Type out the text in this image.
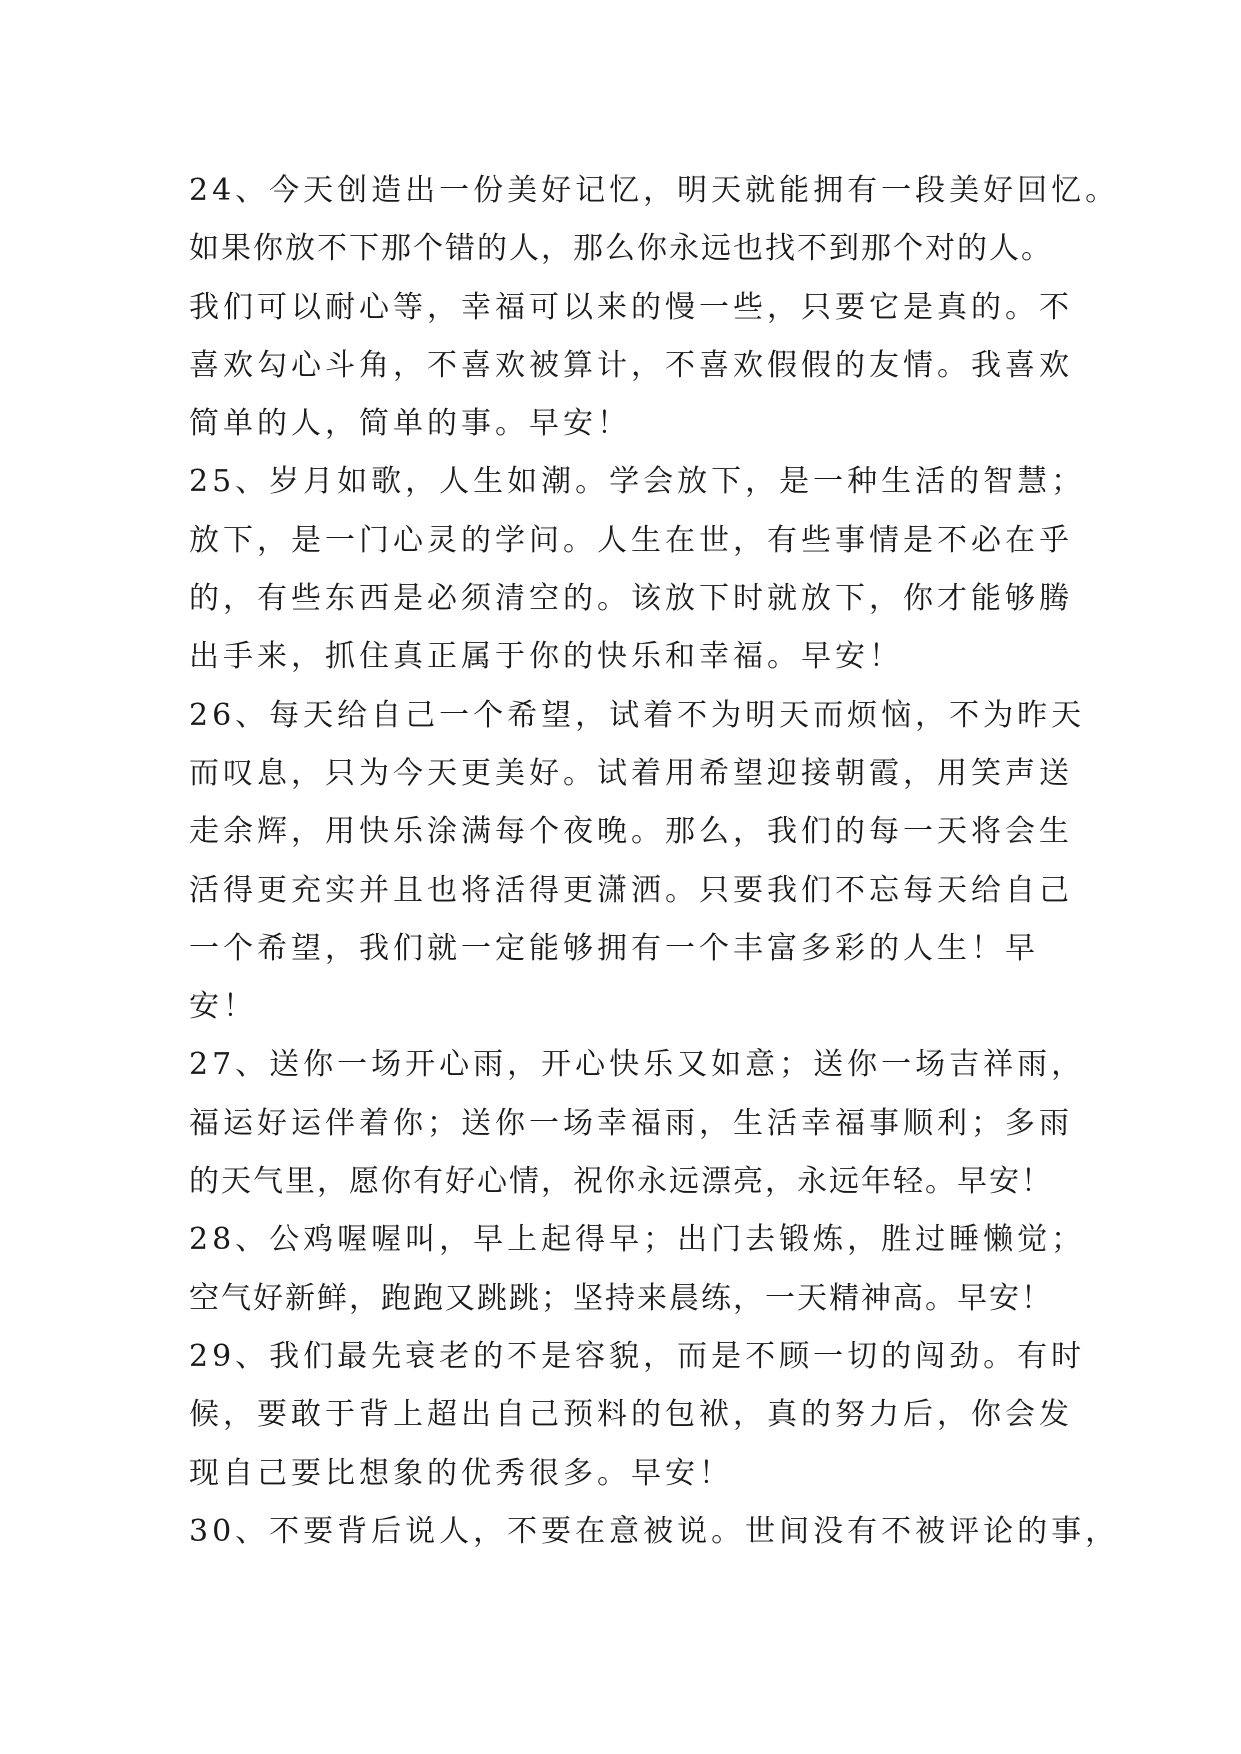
24、今天创造出一份美好记忆，明天就能拥有一段美好回忆。
如果你放不下那个错的人，那么你永远也找不到那个对的人。
我们可以耐心等，幸福可以来的慢一些，只要它是真的。不
喜欢勾心斗角，不喜欢被算计，不喜欢假假的友情。我喜欢
简单的人，简单的事。早安！
25、岁月如歌，人生如潮。学会放下，是一种生活的智慧；
放下，是一门心灵的学问。人生在世，有些事情是不必在乎
的，有些东西是必须清空的。该放下时就放下，你才能够腾
出手来，抓住真正属于你的快乐和幸福。早安！
26、每天给自己一个希望，试着不为明天而烦恼，不为昨天
而叹息，只为今天更美好。试着用希望迎接朝霞，用笑声送
走余辉，用快乐涂满每个夜晚。那么，我们的每一天将会生
活得更充实并且也将活得更潇洒。只要我们不忘每天给自己
一个希望，我们就一定能够拥有一个丰富多彩的人生！早
安！
27、送你一场开心雨，开心快乐又如意；送你一场吉祥雨，
福运好运伴着你；送你一场幸福雨，生活幸福事顺利；多雨
的天气里，愿你有好心情，祝你永远漂亮，永远年轻。早安！
28、公鸡喔喔叫，早上起得早；出门去锻炼，胜过睡懒觉；
空气好新鲜，跑跑又跳跳；坚持来晨练，一天精神高。早安！
29、我们最先衰老的不是容貌，而是不顾一切的闯劲。有时
候，要敢于背上超出自己预料的包袱，真的努力后，你会发
现自己要比想象的优秀很多。早安！
30、不要背后说人，不要在意被说。世间没有不被评论的事，
